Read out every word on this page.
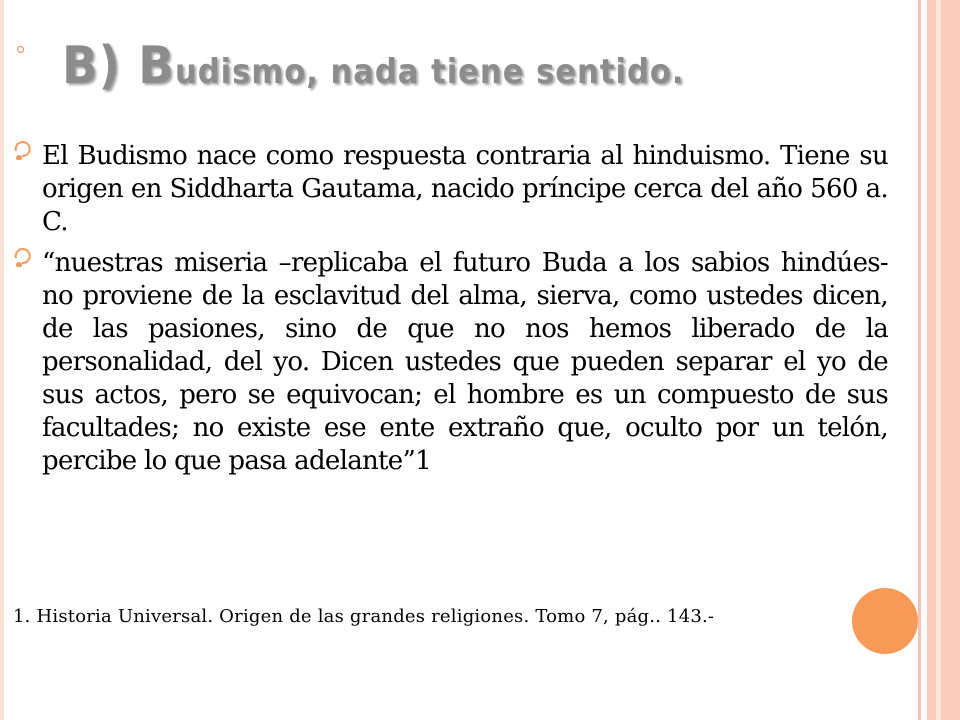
B) Budismo, nada tiene sentido.
El Budismo nace como respuesta contraria al hinduismo. Tiene su origen en Siddharta Gautama, nacido príncipe cerca del año 560 a. C.
“nuestras miseria –replicaba el futuro Buda a los sabios hindúes- no proviene de la esclavitud del alma, sierva, como ustedes dicen, de las pasiones, sino de que no nos hemos liberado de la personalidad, del yo. Dicen ustedes que pueden separar el yo de sus actos, pero se equivocan; el hombre es un compuesto de sus facultades; no existe ese ente extraño que, oculto por un telón, percibe lo que pasa adelante”1

1. Historia Universal. Origen de las grandes religiones. Tomo 7, pág.. 143.-
